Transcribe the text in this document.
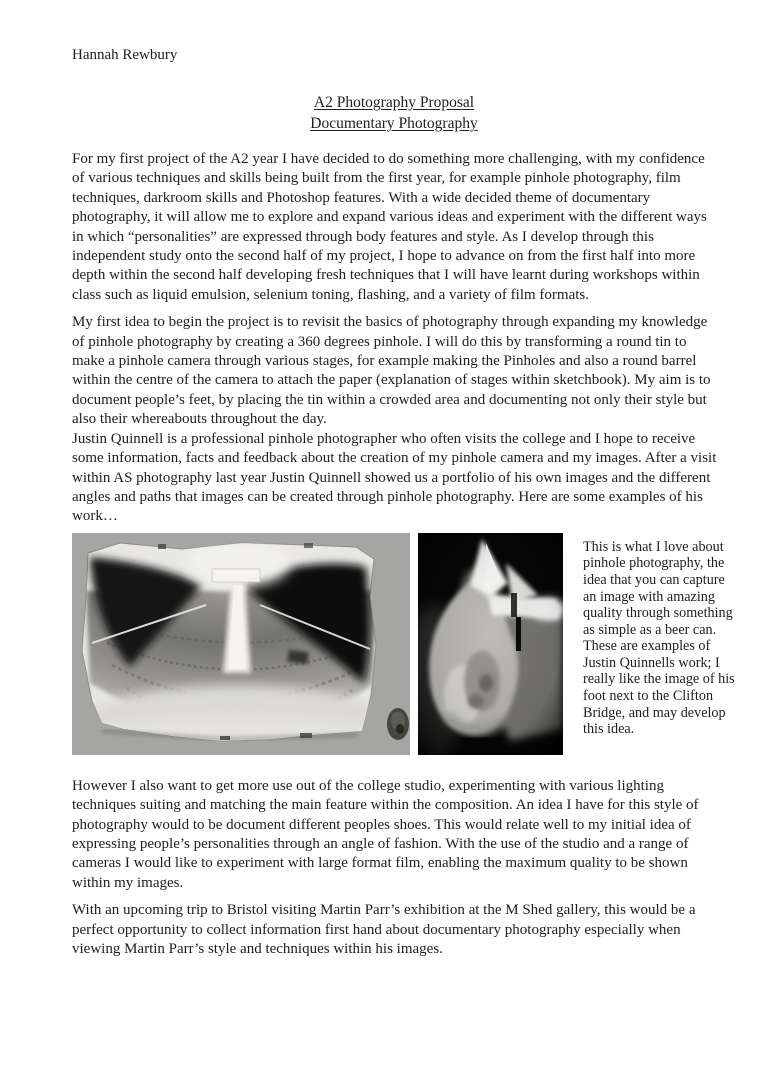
Hannah Rewbury
A2 Photography Proposal
Documentary Photography

For my first project of the A2 year I have decided to do something more challenging, with my confidence of various techniques and skills being built from the first year, for example pinhole photography, film techniques, darkroom skills and Photoshop features. With a wide decided theme of documentary photography, it will allow me to explore and expand various ideas and experiment with the different ways in which “personalities” are expressed through body features and style. As I develop through this independent study onto the second half of my project, I hope to advance on from the first half into more depth within the second half developing fresh techniques that I will have learnt during workshops within class such as liquid emulsion, selenium toning, flashing, and a variety of film formats.

My first idea to begin the project is to revisit the basics of photography through expanding my knowledge of pinhole photography by creating a 360 degrees pinhole. I will do this by transforming a round tin to make a pinhole camera through various stages, for example making the Pinholes and also a round barrel within the centre of the camera to attach the paper (explanation of stages within sketchbook). My aim is to document people’s feet, by placing the tin within a crowded area and documenting not only their style but also their whereabouts throughout the day.

Justin Quinnell is a professional pinhole photographer who often visits the college and I hope to receive some information, facts and feedback about the creation of my pinhole camera and my images. After a visit within AS photography last year Justin Quinnell showed us a portfolio of his own images and the different angles and paths that images can be created through pinhole photography. Here are some examples of his work…

This is what I love about pinhole photography, the idea that you can capture an image with amazing quality through something as simple as a beer can. These are examples of Justin Quinnells work; I really like the image of his foot next to the Clifton Bridge, and may develop this idea.

However I also want to get more use out of the college studio, experimenting with various lighting techniques suiting and matching the main feature within the composition. An idea I have for this style of photography would to be document different peoples shoes. This would relate well to my initial idea of expressing people’s personalities through an angle of fashion. With the use of the studio and a range of cameras I would like to experiment with large format film, enabling the maximum quality to be shown within my images.

With an upcoming trip to Bristol visiting Martin Parr’s exhibition at the M Shed gallery, this would be a perfect opportunity to collect information first hand about documentary photography especially when viewing Martin Parr’s style and techniques within his images.
